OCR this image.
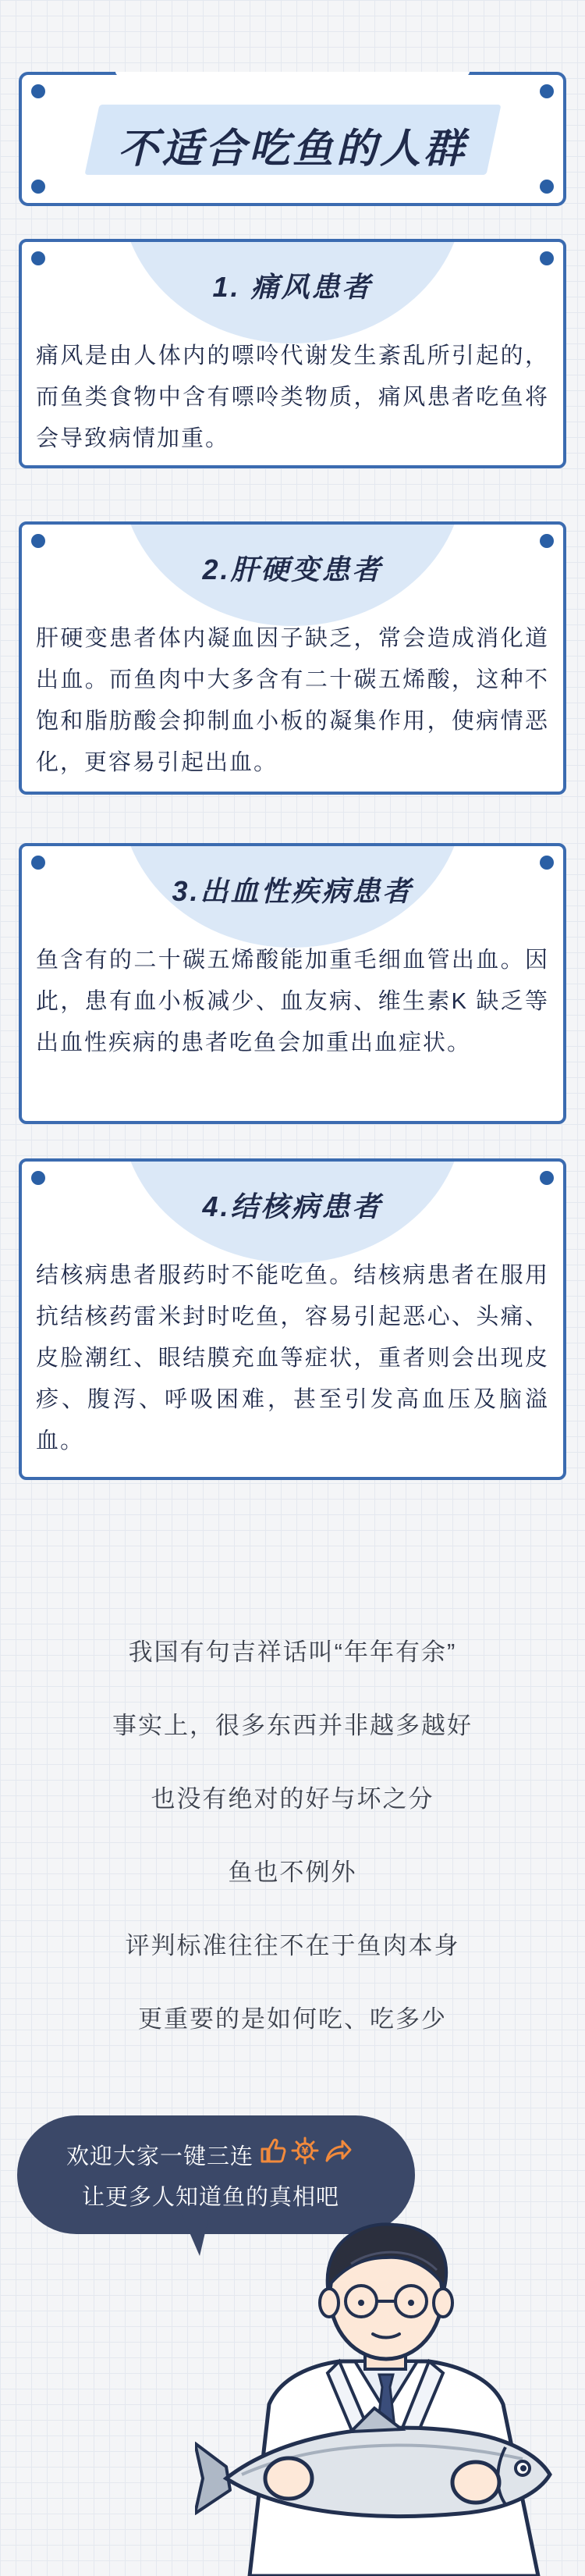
不适合吃鱼的人群
1. 痛风患者
痛风是由人体内的嘌呤代谢发生紊乱所引起的，而鱼类食物中含有嘌呤类物质，痛风患者吃鱼将会导致病情加重。
2.肝硬变患者
肝硬变患者体内凝血因子缺乏，常会造成消化道出血。而鱼肉中大多含有二十碳五烯酸，这种不饱和脂肪酸会抑制血小板的凝集作用，使病情恶化，更容易引起出血。
3.出血性疾病患者
鱼含有的二十碳五烯酸能加重毛细血管出血。因此，患有血小板减少、血友病、维生素K 缺乏等出血性疾病的患者吃鱼会加重出血症状。
4.结核病患者
结核病患者服药时不能吃鱼。结核病患者在服用抗结核药雷米封时吃鱼，容易引起恶心、头痛、皮脸潮红、眼结膜充血等症状，重者则会出现皮疹、腹泻、呼吸困难，甚至引发高血压及脑溢血。
我国有句吉祥话叫“年年有余”
事实上，很多东西并非越多越好
也没有绝对的好与坏之分
鱼也不例外
评判标准往往不在于鱼肉本身
更重要的是如何吃、吃多少
欢迎大家一键三连	¥
让更多人知道鱼的真相吧
